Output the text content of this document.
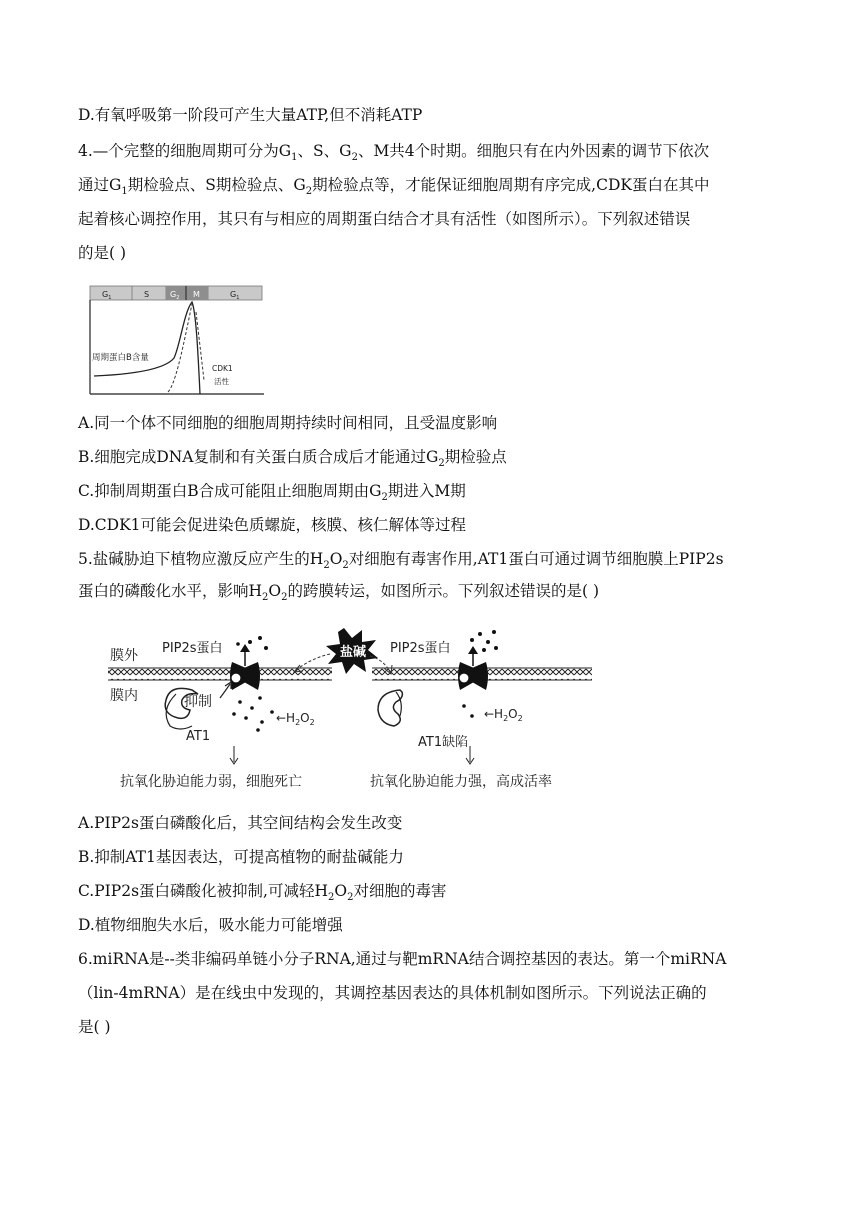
D.有氧呼吸第一阶段可产生大量ATP,但不消耗ATP
4.—个完整的细胞周期可分为$G_1$、S、$G_2$、M共4个时期。细胞只有在内外因素的调节下依次
通过$G_1$期检验点、S期检验点、$G_2$期检验点等，才能保证细胞周期有序完成,CDK蛋白在其中
起着核心调控作用，其只有与相应的周期蛋白结合才具有活性（如图所示）。下列叙述错误
的是( )
$G_1$	S	$G_2$ M	$G_1$
周期蛋白B含量
CDK1
活性
A.同一个体不同细胞的细胞周期持续时间相同，且受温度影响
B.细胞完成DNA复制和有关蛋白质合成后才能通过$G_2$期检验点
C.抑制周期蛋白B合成可能阻止细胞周期由$G_2$期进入M期
D.CDK1可能会促进染色质螺旋，核膜、核仁解体等过程
5.盐碱胁迫下植物应激反应产生的$H_2O_2$对细胞有毒害作用,AT1蛋白可通过调节细胞膜上PIP2s
蛋白的磷酸化水平，影响$H_2O_2$的跨膜转运，如图所示。下列叙述错误的是( )
膜外
膜内
PIP2s蛋白	盐碱
抑制
AT1
$\leftarrow H_2O_2$
抗氧化胁迫能力弱，细胞死亡
PIP2s蛋白
AT1缺陷
$\leftarrow H_2O_2$
抗氧化胁迫能力强，高成活率
A.PIP2s蛋白磷酸化后，其空间结构会发生改变
B.抑制AT1基因表达，可提高植物的耐盐碱能力
C.PIP2s蛋白磷酸化被抑制,可减轻$H_2O_2$对细胞的毒害
D.植物细胞失水后，吸水能力可能增强
6.miRNA是--类非编码单链小分子RNA,通过与靶mRNA结合调控基因的表达。第一个miRNA
（lin-4mRNA）是在线虫中发现的，其调控基因表达的具体机制如图所示。下列说法正确的
是( )
